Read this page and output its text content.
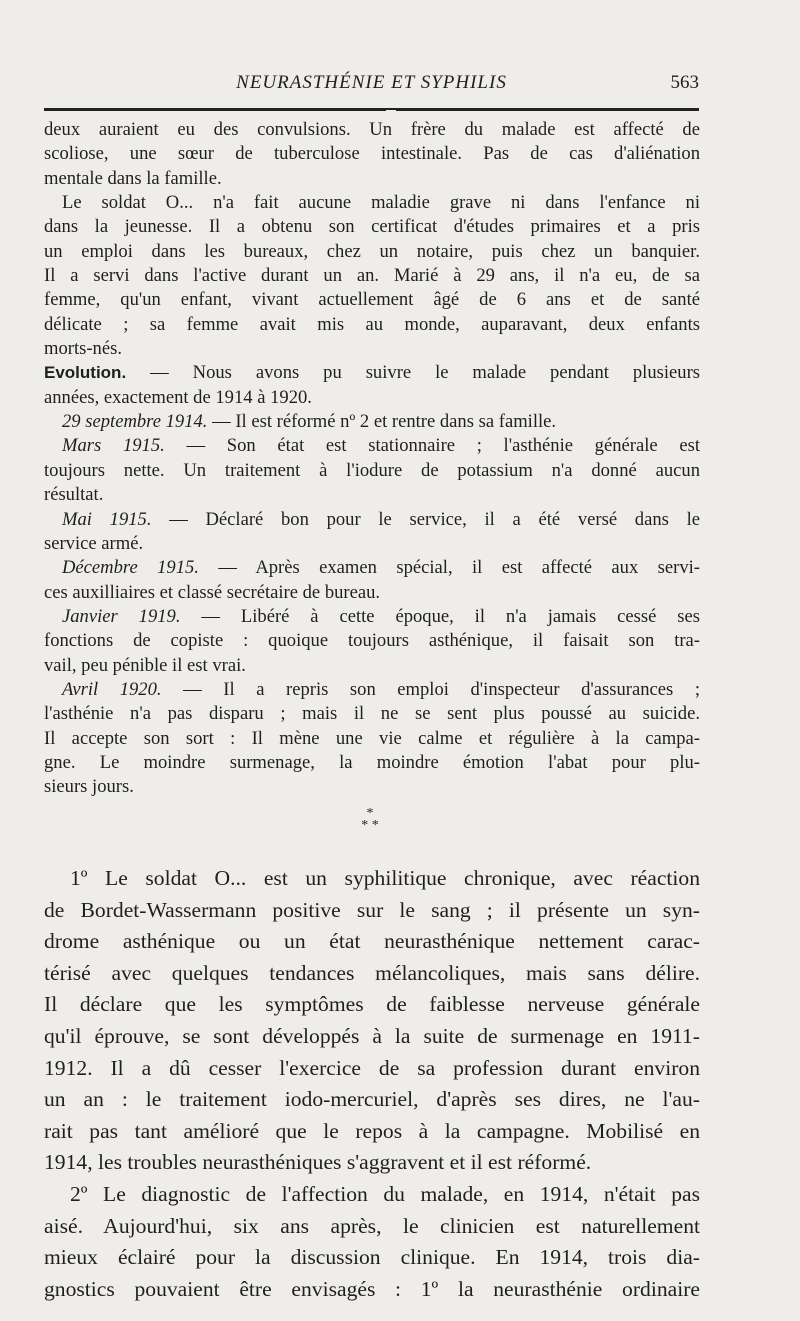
NEURASTHÉNIE ET SYPHILIS	563
deux auraient eu des convulsions. Un frère du malade est affecté de
scoliose, une sœur de tuberculose intestinale. Pas de cas d'aliénation
mentale dans la famille.
Le soldat O... n'a fait aucune maladie grave ni dans l'enfance ni
dans la jeunesse. Il a obtenu son certificat d'études primaires et a pris
un emploi dans les bureaux, chez un notaire, puis chez un banquier.
Il a servi dans l'active durant un an. Marié à 29 ans, il n'a eu, de sa
femme, qu'un enfant, vivant actuellement âgé de 6 ans et de santé
délicate ; sa femme avait mis au monde, auparavant, deux enfants
morts-nés.
Evolution. — Nous avons pu suivre le malade pendant plusieurs
années, exactement de 1914 à 1920.
29 septembre 1914. — Il est réformé nº 2 et rentre dans sa famille.
Mars 1915. — Son état est stationnaire ; l'asthénie générale est
toujours nette. Un traitement à l'iodure de potassium n'a donné aucun
résultat.
Mai 1915. — Déclaré bon pour le service, il a été versé dans le
service armé.
Décembre 1915. — Après examen spécial, il est affecté aux servi-
ces auxilliaires et classé secrétaire de bureau.
Janvier 1919. — Libéré à cette époque, il n'a jamais cessé ses
fonctions de copiste : quoique toujours asthénique, il faisait son tra-
vail, peu pénible il est vrai.
Avril 1920. — Il a repris son emploi d'inspecteur d'assurances ;
l'asthénie n'a pas disparu ; mais il ne se sent plus poussé au suicide.
Il accepte son sort : Il mène une vie calme et régulière à la campa-
gne. Le moindre surmenage, la moindre émotion l'abat pour plu-
sieurs jours.
*
* *
1º Le soldat O... est un syphilitique chronique, avec réaction
de Bordet-Wassermann positive sur le sang ; il présente un syn-
drome asthénique ou un état neurasthénique nettement carac-
térisé avec quelques tendances mélancoliques, mais sans délire.
Il déclare que les symptômes de faiblesse nerveuse générale
qu'il éprouve, se sont développés à la suite de surmenage en 1911-
1912. Il a dû cesser l'exercice de sa profession durant environ
un an : le traitement iodo-mercuriel, d'après ses dires, ne l'au-
rait pas tant amélioré que le repos à la campagne. Mobilisé en
1914, les troubles neurasthéniques s'aggravent et il est réformé.
2º Le diagnostic de l'affection du malade, en 1914, n'était pas
aisé. Aujourd'hui, six ans après, le clinicien est naturellement
mieux éclairé pour la discussion clinique. En 1914, trois dia-
gnostics pouvaient être envisagés : 1º la neurasthénie ordinaire
